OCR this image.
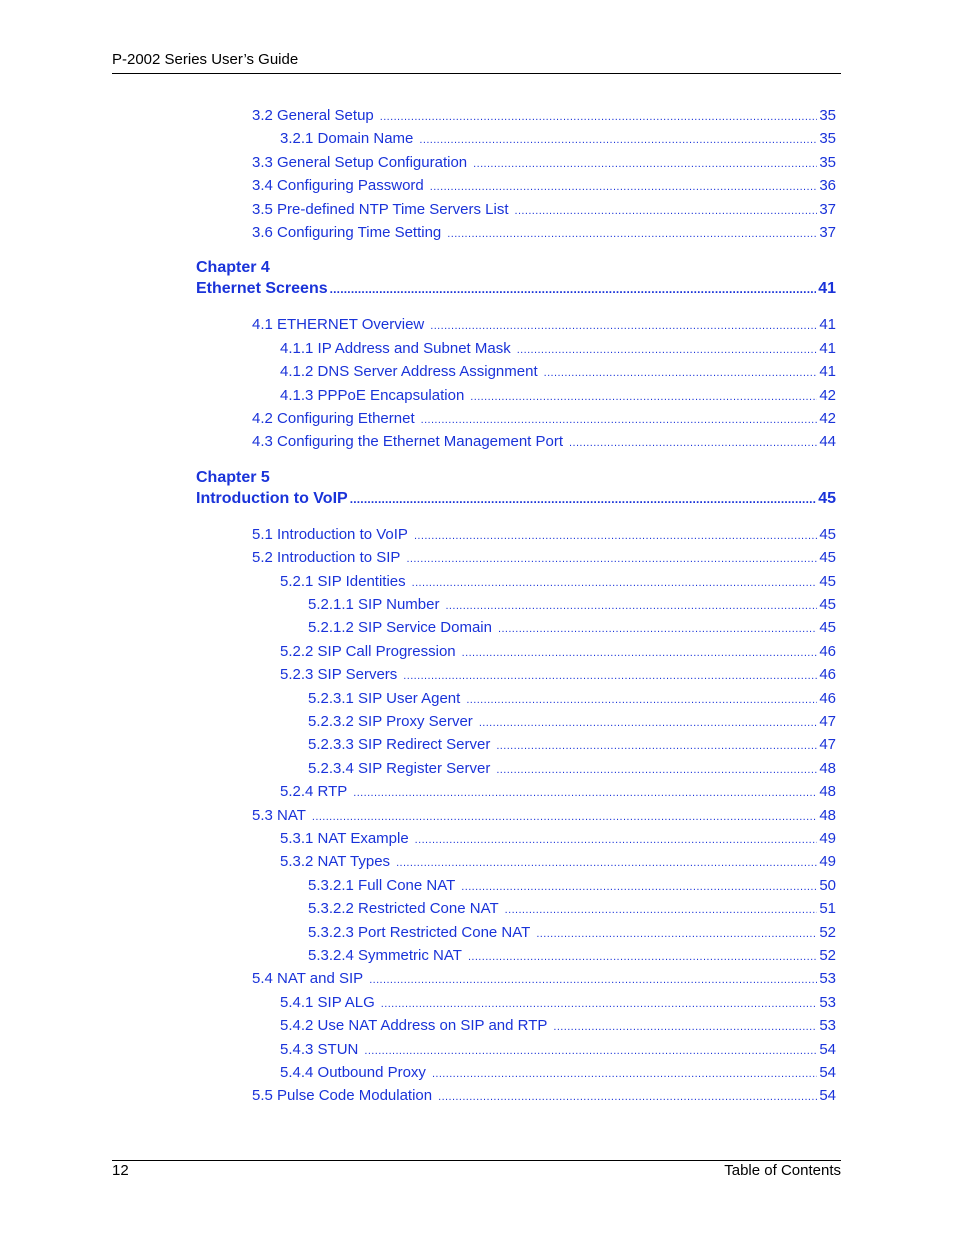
P-2002 Series User’s Guide
3.2 General Setup .....	35
3.2.1 Domain Name .....	35
3.3 General Setup Configuration .....	35
3.4 Configuring Password .....	36
3.5 Pre-defined NTP Time Servers List .....	37
3.6 Configuring Time Setting .....	37
Chapter 4
Ethernet Screens .....	41
4.1 ETHERNET Overview .....	41
4.1.1 IP Address and Subnet Mask .....	41
4.1.2 DNS Server Address Assignment .....	41
4.1.3 PPPoE Encapsulation .....	42
4.2 Configuring Ethernet .....	42
4.3 Configuring the Ethernet Management Port .....	44
Chapter 5
Introduction to VoIP .....	45
5.1 Introduction to VoIP .....	45
5.2 Introduction to SIP .....	45
5.2.1 SIP Identities .....	45
5.2.1.1 SIP Number .....	45
5.2.1.2 SIP Service Domain .....	45
5.2.2 SIP Call Progression .....	46
5.2.3 SIP Servers .....	46
5.2.3.1 SIP User Agent .....	46
5.2.3.2 SIP Proxy Server .....	47
5.2.3.3 SIP Redirect Server .....	47
5.2.3.4 SIP Register Server .....	48
5.2.4 RTP .....	48
5.3 NAT .....	48
5.3.1 NAT Example .....	49
5.3.2 NAT Types .....	49
5.3.2.1 Full Cone NAT .....	50
5.3.2.2 Restricted Cone NAT .....	51
5.3.2.3 Port Restricted Cone NAT .....	52
5.3.2.4 Symmetric NAT .....	52
5.4 NAT and SIP .....	53
5.4.1 SIP ALG .....	53
5.4.2 Use NAT Address on SIP and RTP .....	53
5.4.3 STUN .....	54
5.4.4 Outbound Proxy .....	54
5.5 Pulse Code Modulation .....	54
12	Table of Contents
